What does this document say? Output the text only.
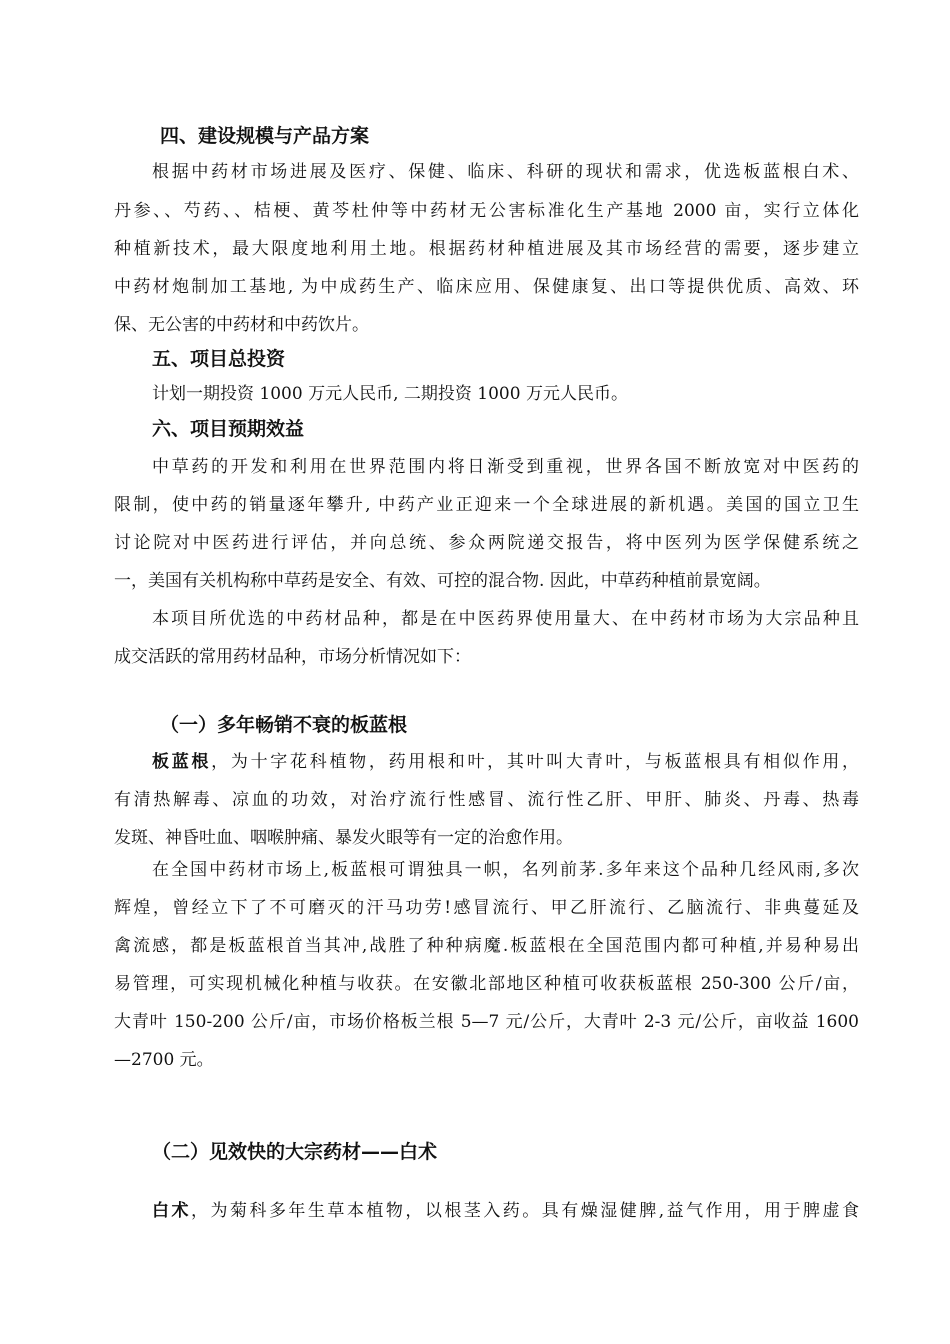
四、建设规模与产品方案
根据中药材市场进展及医疗、保健、临床、科研的现状和需求，优选板蓝根白术、
丹参、、芍药、、桔梗、黄芩杜仲等中药材无公害标准化生产基地 2000 亩，实行立体化
种植新技术，最大限度地利用土地。根据药材种植进展及其市场经营的需要，逐步建立
中药材炮制加工基地, 为中成药生产、临床应用、保健康复、出口等提供优质、高效、环
保、无公害的中药材和中药饮片。
五、项目总投资
计划一期投资 1000 万元人民币, 二期投资 1000 万元人民币。
六、项目预期效益
中草药的开发和利用在世界范围内将日渐受到重视，世界各国不断放宽对中医药的
限制，使中药的销量逐年攀升, 中药产业正迎来一个全球进展的新机遇。美国的国立卫生
讨论院对中医药进行评估，并向总统、参众两院递交报告，将中医列为医学保健系统之
一，美国有关机构称中草药是安全、有效、可控的混合物. 因此，中草药种植前景宽阔。
本项目所优选的中药材品种，都是在中医药界使用量大、在中药材市场为大宗品种且
成交活跃的常用药材品种，市场分析情况如下：
（一）多年畅销不衰的板蓝根
板蓝根，为十字花科植物，药用根和叶，其叶叫大青叶，与板蓝根具有相似作用，
有清热解毒、凉血的功效，对治疗流行性感冒、流行性乙肝、甲肝、肺炎、丹毒、热毒
发斑、神昏吐血、咽喉肿痛、暴发火眼等有一定的治愈作用。
在全国中药材市场上,板蓝根可谓独具一帜，名列前茅.多年来这个品种几经风雨,多次
辉煌，曾经立下了不可磨灭的汗马功劳!感冒流行、甲乙肝流行、乙脑流行、非典蔓延及
禽流感，都是板蓝根首当其冲,战胜了种种病魔.板蓝根在全国范围内都可种植,并易种易出
易管理，可实现机械化种植与收获。在安徽北部地区种植可收获板蓝根 250-300 公斤/亩，
大青叶 150-200 公斤/亩，市场价格板兰根 5—7 元/公斤，大青叶 2-3 元/公斤，亩收益 1600
—2700 元。
（二）见效快的大宗药材——白术
白术，为菊科多年生草本植物，以根茎入药。具有燥湿健脾,益气作用，用于脾虚食
